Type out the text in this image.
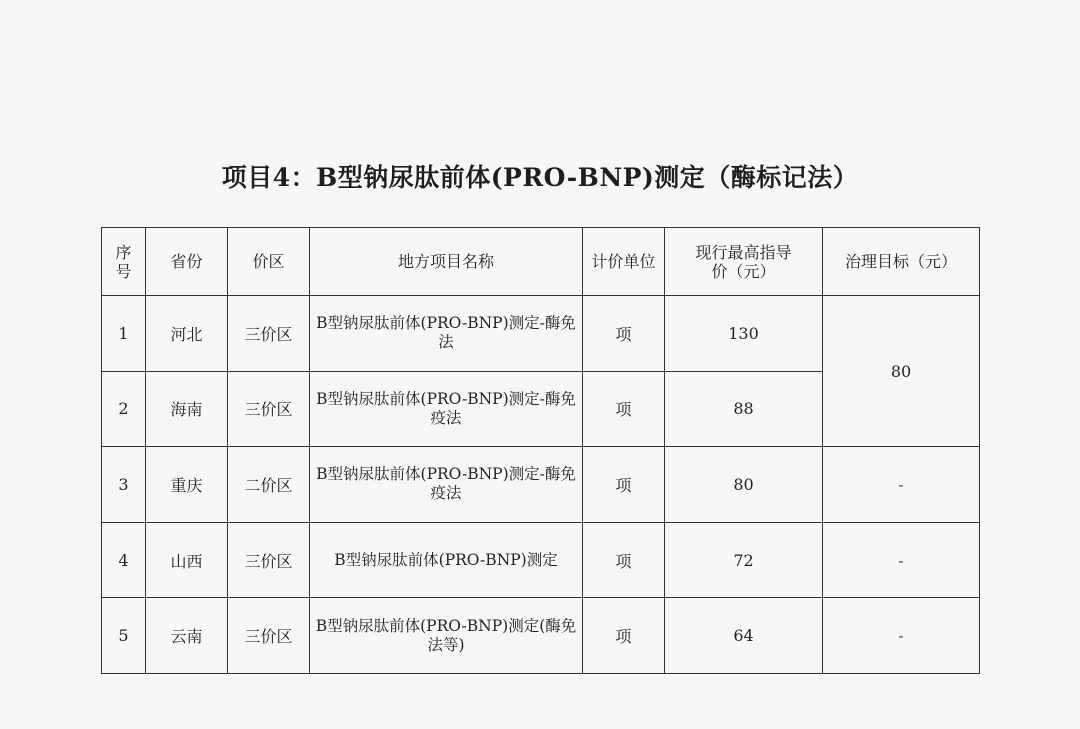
项目4：B型钠尿肽前体(PRO-BNP)测定（酶标记法）
序号	省份	价区	地方项目名称	计价单位	现行最高指导价（元）	治理目标（元）
1	河北	三价区	B型钠尿肽前体(PRO-BNP)测定-酶免法	项	130	80
2	海南	三价区	B型钠尿肽前体(PRO-BNP)测定-酶免疫法	项	88	
3	重庆	二价区	B型钠尿肽前体(PRO-BNP)测定-酶免疫法	项	80	-
4	山西	三价区	B型钠尿肽前体(PRO-BNP)测定	项	72	-
5	云南	三价区	B型钠尿肽前体(PRO-BNP)测定(酶免法等)	项	64	-
